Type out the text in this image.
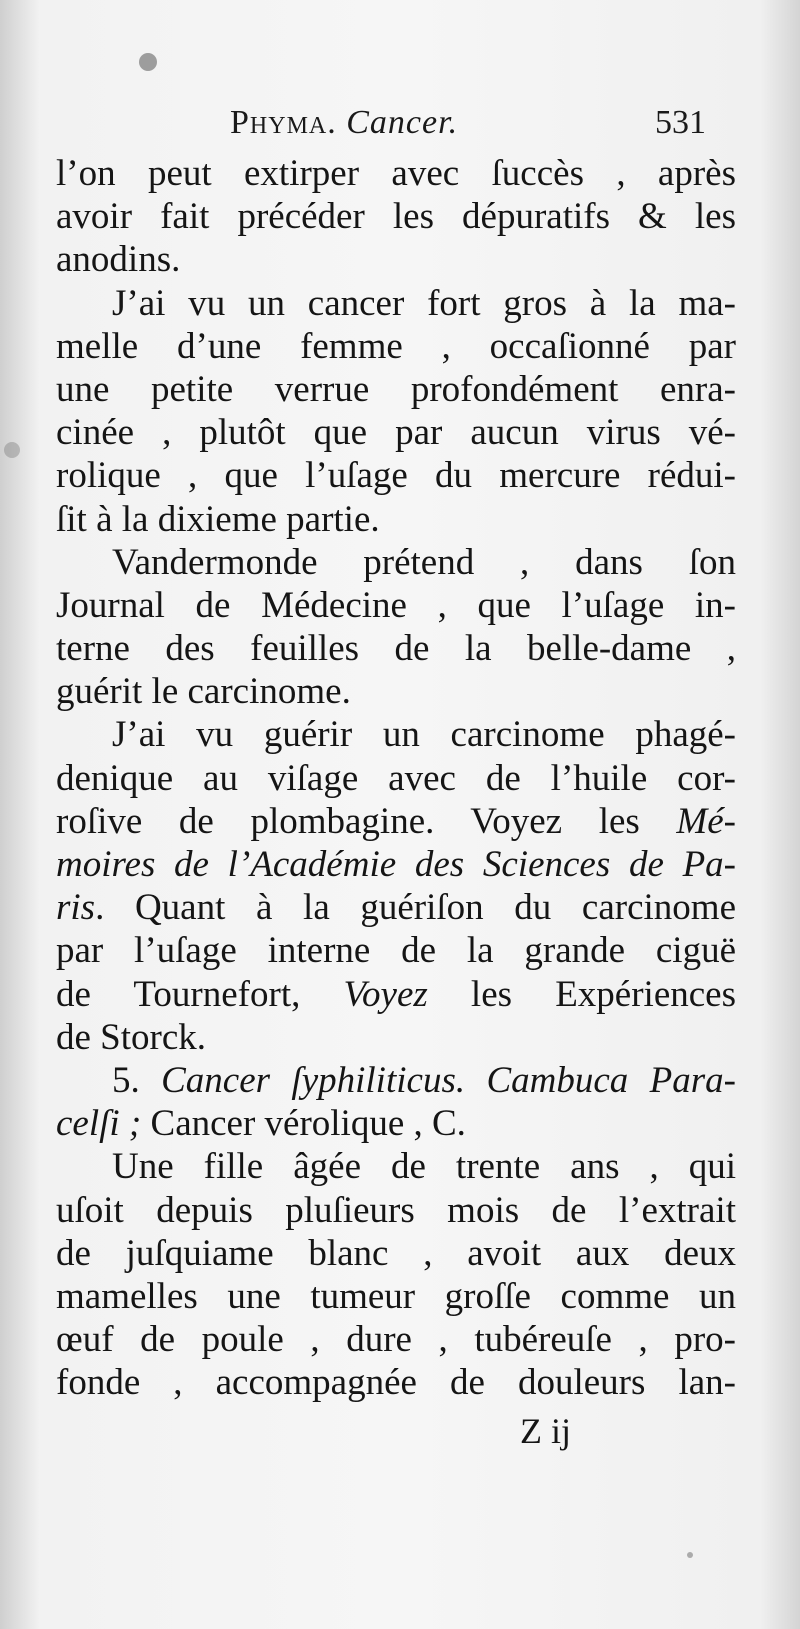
Phyma. Cancer.	531
l’on peut extirper avec ſuccès , après
avoir fait précéder les dépuratifs & les
anodins.
J’ai vu un cancer fort gros à la ma-
melle d’une femme , occaſionné par
une petite verrue profondément enra-
cinée , plutôt que par aucun virus vé-
rolique , que l’uſage du mercure rédui-
ſit à la dixieme partie.
Vandermonde prétend , dans ſon
Journal de Médecine , que l’uſage in-
terne des feuilles de la belle-dame ,
guérit le carcinome.
J’ai vu guérir un carcinome phagé-
denique au viſage avec de l’huile cor-
roſive de plombagine. Voyez les Mé-
moires de l’Académie des Sciences de Pa-
ris. Quant à la guériſon du carcinome
par l’uſage interne de la grande ciguë
de Tournefort, Voyez les Expériences
de Storck.
5. Cancer ſyphiliticus. Cambuca Para-
celſi ; Cancer vérolique , C.
Une fille âgée de trente ans , qui
uſoit depuis pluſieurs mois de l’extrait
de juſquiame blanc , avoit aux deux
mamelles une tumeur groſſe comme un
œuf de poule , dure , tubéreuſe , pro-
fonde , accompagnée de douleurs lan-
Z ij
